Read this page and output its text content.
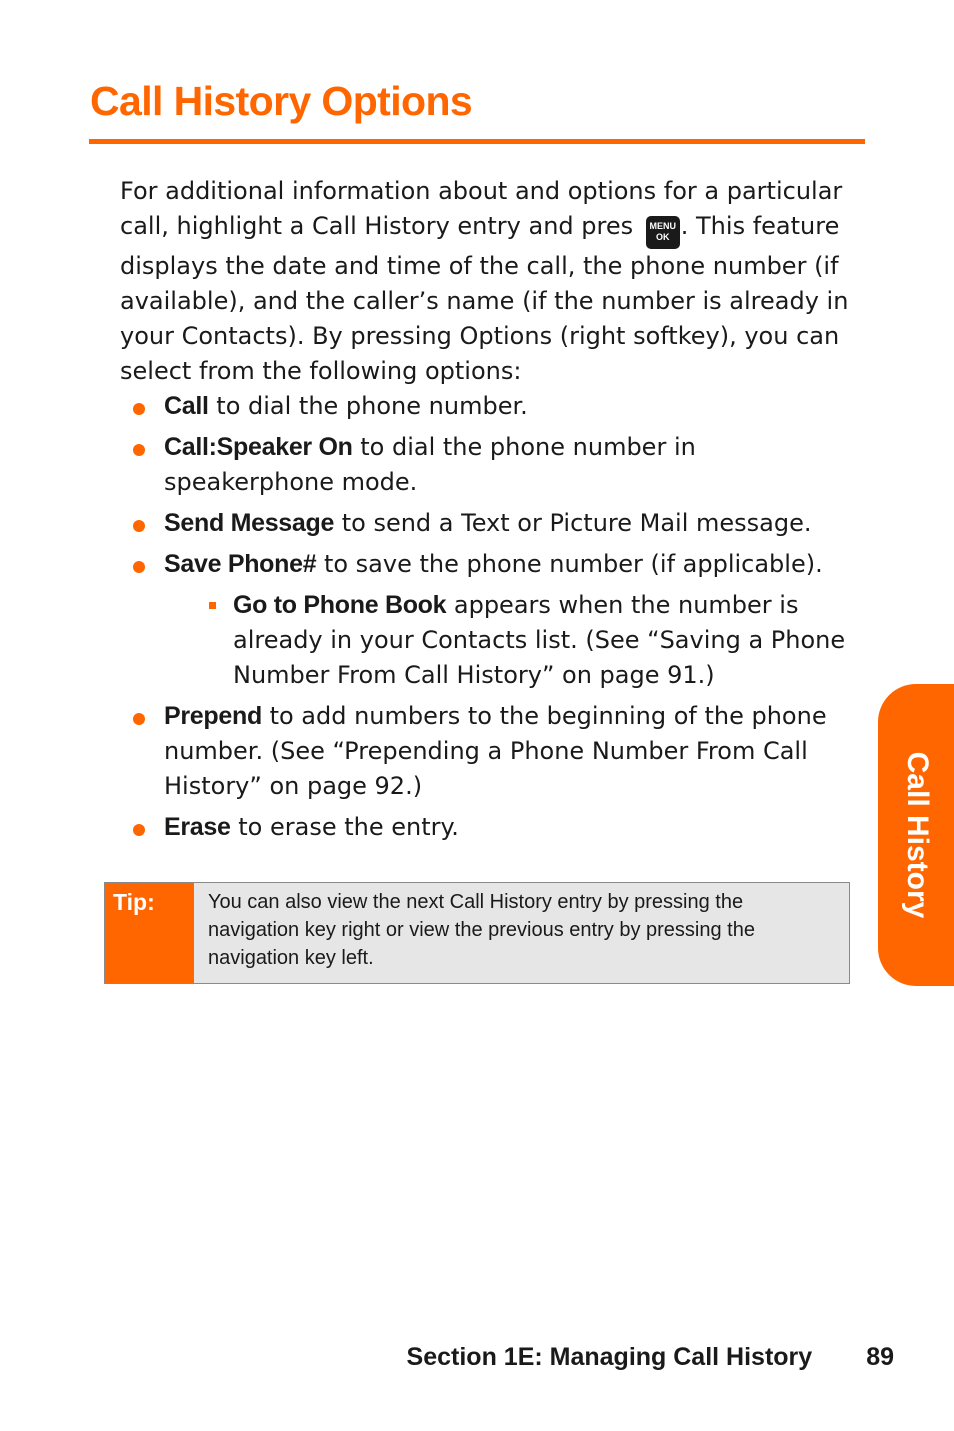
Call History Options

For additional information about and options for a particular call, highlight a Call History entry and pres MENU
OK . This feature displays the date and time of the call, the phone number (if available), and the caller’s name (if the number is already in your Contacts). By pressing Options (right softkey), you can select from the following options:

Call to dial the phone number.
Call:Speaker On to dial the phone number in speakerphone mode.
Send Message to send a Text or Picture Mail message.
Save Phone# to save the phone number (if applicable).
Go to Phone Book appears when the number is already in your Contacts list. (See “Saving a Phone Number From Call History” on page 91.)
Prepend to add numbers to the beginning of the phone number. (See “Prepending a Phone Number From Call History” on page 92.)
Erase to erase the entry.
Tip:	You can also view the next Call History entry by pressing the navigation key right or view the previous entry by pressing the navigation key left.
Call History
Section 1E: Managing Call History 89
